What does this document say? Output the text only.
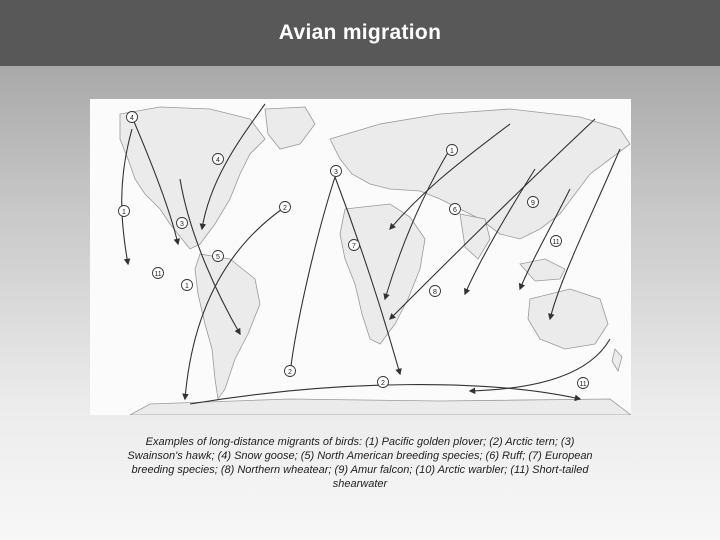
Avian migration
4
4
1
3
2
5
11
1
3
7
1
6
8
9
11
2
11
2
Examples of long-distance migrants of birds: (1) Pacific golden plover; (2) Arctic tern; (3) Swainson's hawk; (4) Snow goose; (5) North American breeding species; (6) Ruff; (7) European breeding species; (8) Northern wheatear; (9) Amur falcon; (10) Arctic warbler; (11) Short-tailed shearwater
